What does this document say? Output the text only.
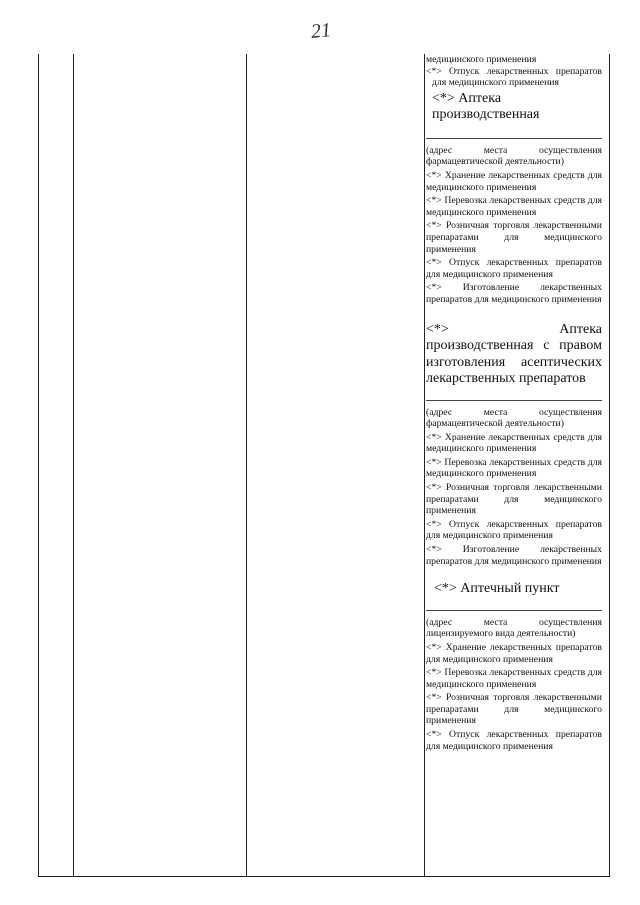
21
медицинского применения
<*> Отпуск лекарственных препаратов
для медицинского применения
<*> Аптека производственная
(адрес места осуществления фармацевтической деятельности)
<*> Хранение лекарственных средств для медицинского применения
<*> Перевозка лекарственных средств для медицинского применения
<*> Розничная торговля лекарственными препаратами для медицинского применения
<*> Отпуск лекарственных препаратов для медицинского применения
<*> Изготовление лекарственных препаратов для медицинского применения
<*> Аптека производственная с правом изготовления асептических лекарственных препаратов
(адрес места осуществления фармацевтической деятельности)
<*> Хранение лекарственных средств для медицинского применения
<*> Перевозка лекарственных средств для медицинского применения
<*> Розничная торговля лекарственными препаратами для медицинского применения
<*> Отпуск лекарственных препаратов для медицинского применения
<*> Изготовление лекарственных препаратов для медицинского применения
<*> Аптечный пункт
(адрес места осуществления лицензируемого вида деятельности)
<*> Хранение лекарственных препаратов для медицинского применения
<*> Перевозка лекарственных средств для медицинского применения
<*> Розничная торговля лекарственными препаратами для медицинского применения
<*> Отпуск лекарственных препаратов для медицинского применения
